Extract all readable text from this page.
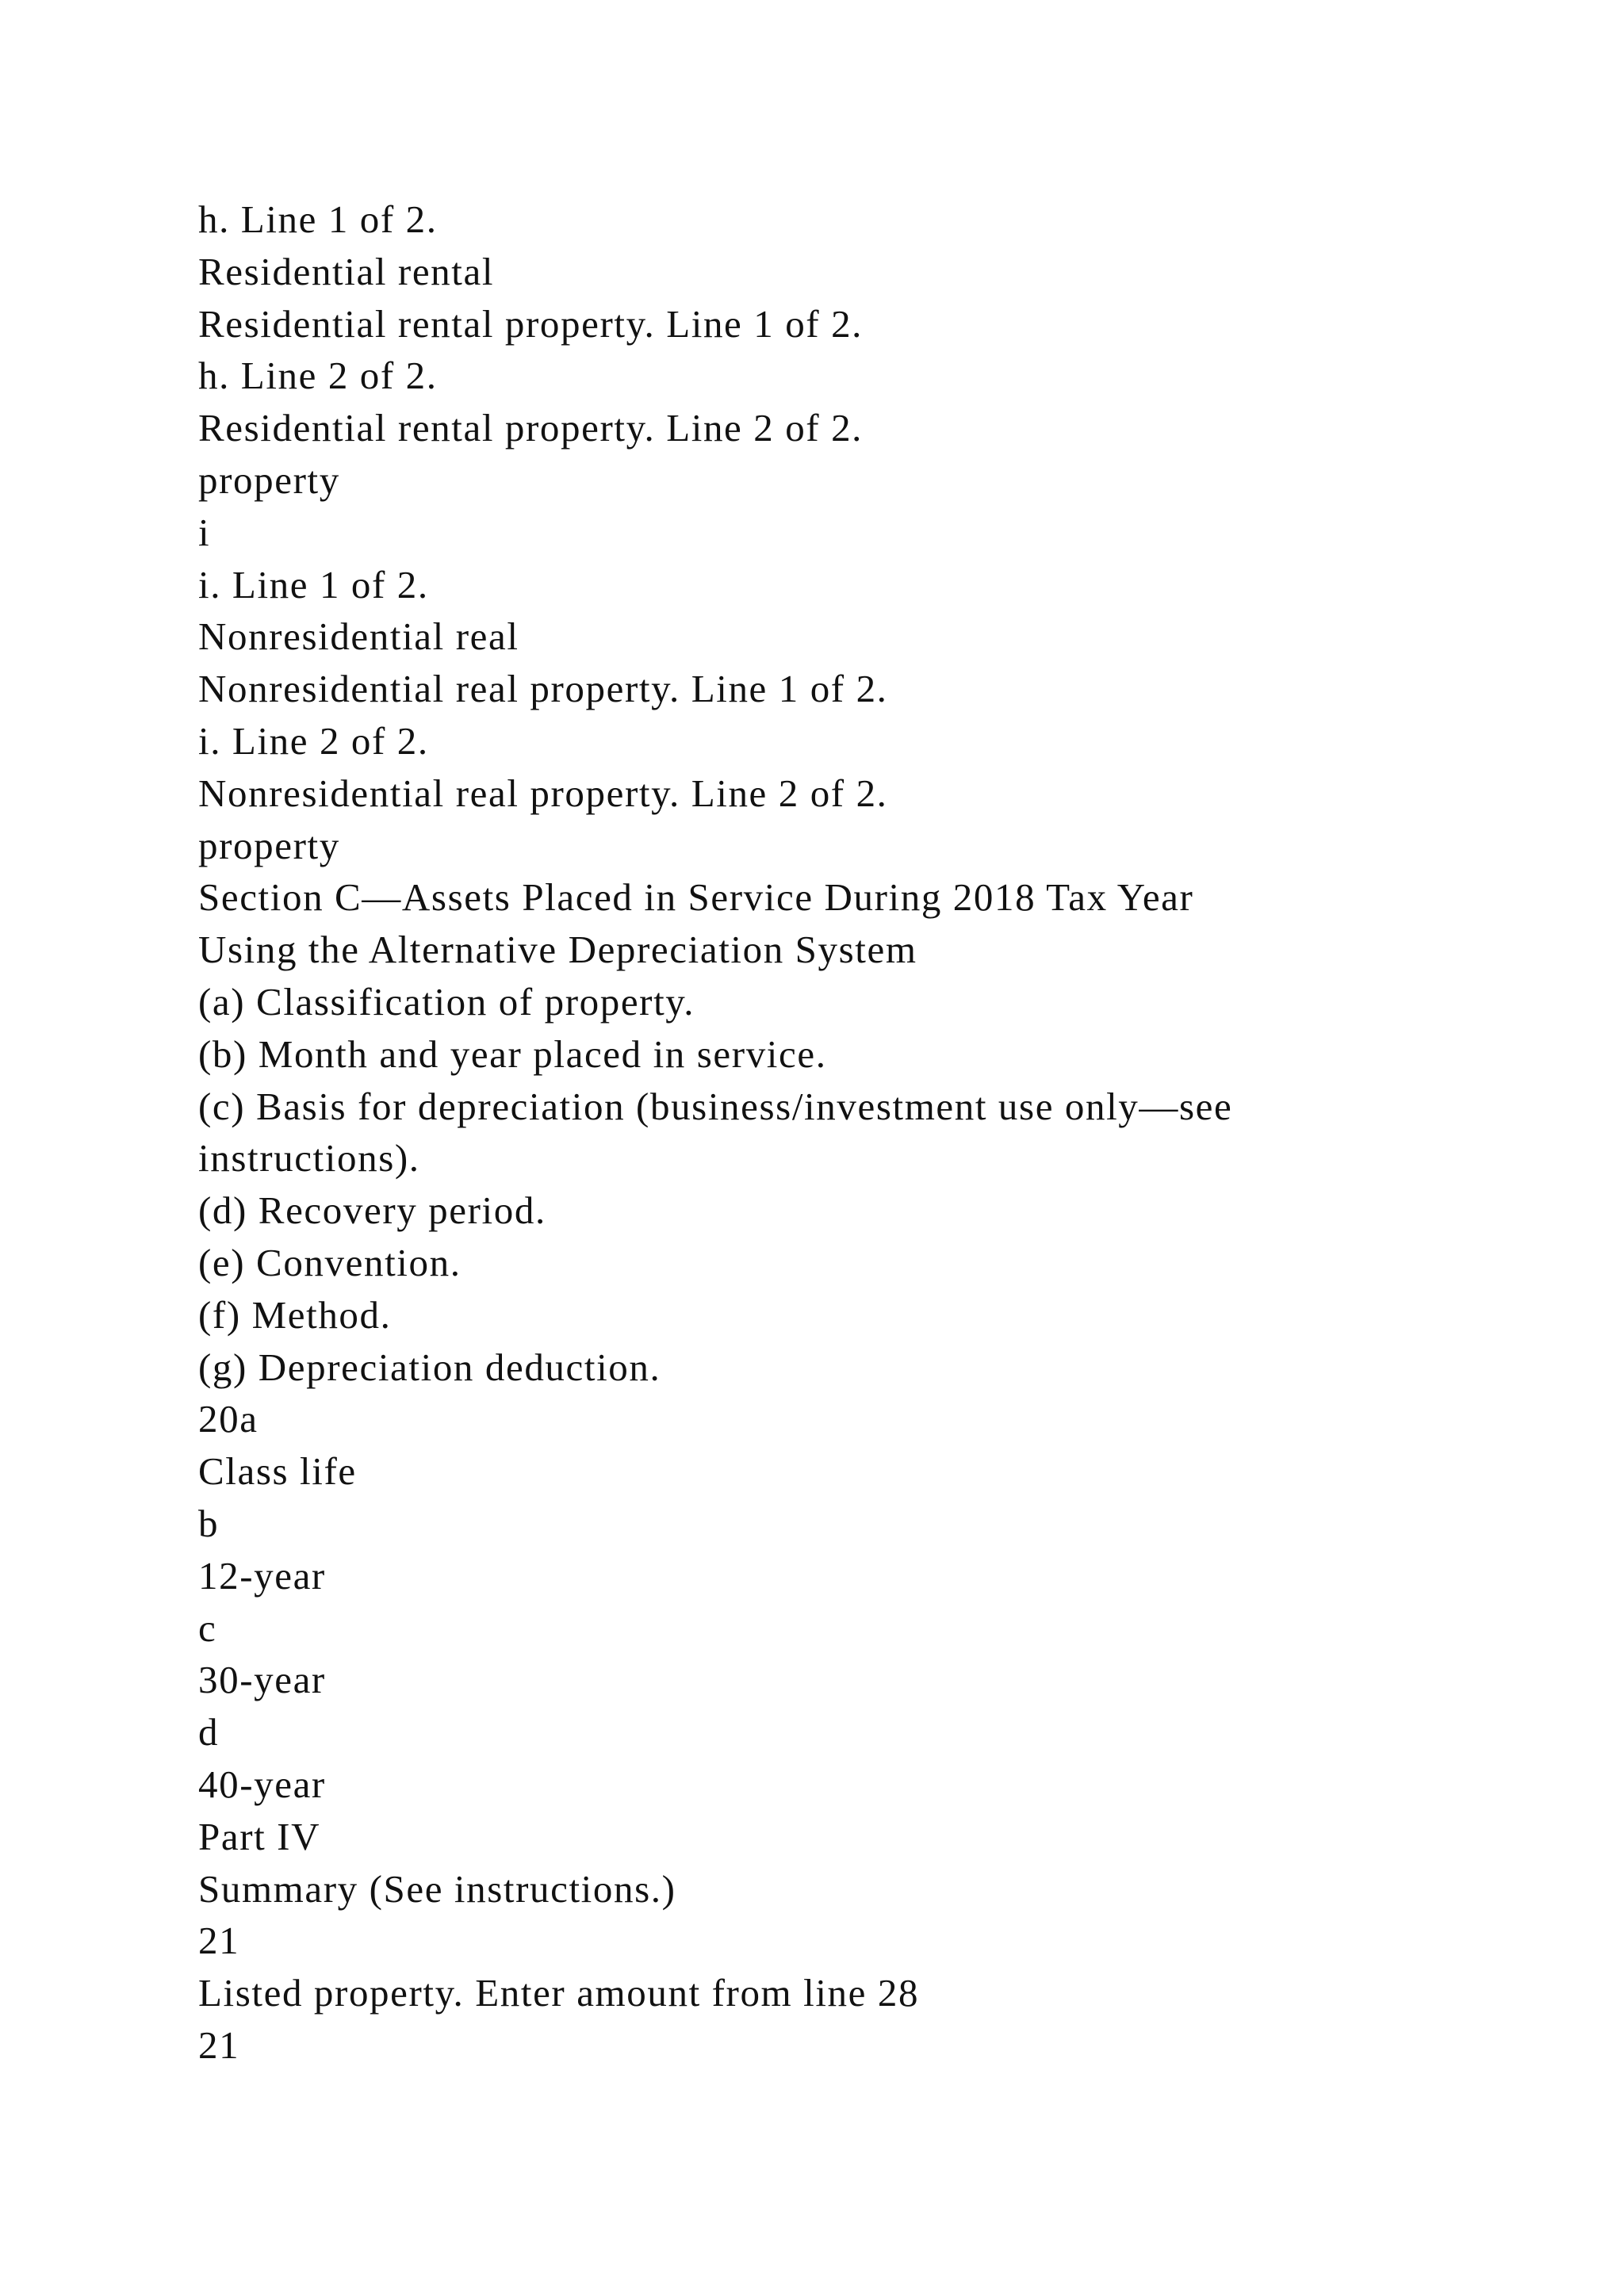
h. Line 1 of 2.
Residential rental
Residential rental property. Line 1 of 2.
h. Line 2 of 2.
Residential rental property. Line 2 of 2.
property
i
i. Line 1 of 2.
Nonresidential real
Nonresidential real property. Line 1 of 2.
i. Line 2 of 2.
Nonresidential real property. Line 2 of 2.
property
Section C—Assets Placed in Service During 2018 Tax Year
Using the Alternative Depreciation System
(a) Classification of property.
(b) Month and year placed in service.
(c) Basis for depreciation (business/investment use only—see
instructions).
(d) Recovery period.
(e) Convention.
(f) Method.
(g) Depreciation deduction.
20a
Class life
b
12-year
c
30-year
d
40-year
Part IV
Summary (See instructions.)
21
Listed property. Enter amount from line 28
21
